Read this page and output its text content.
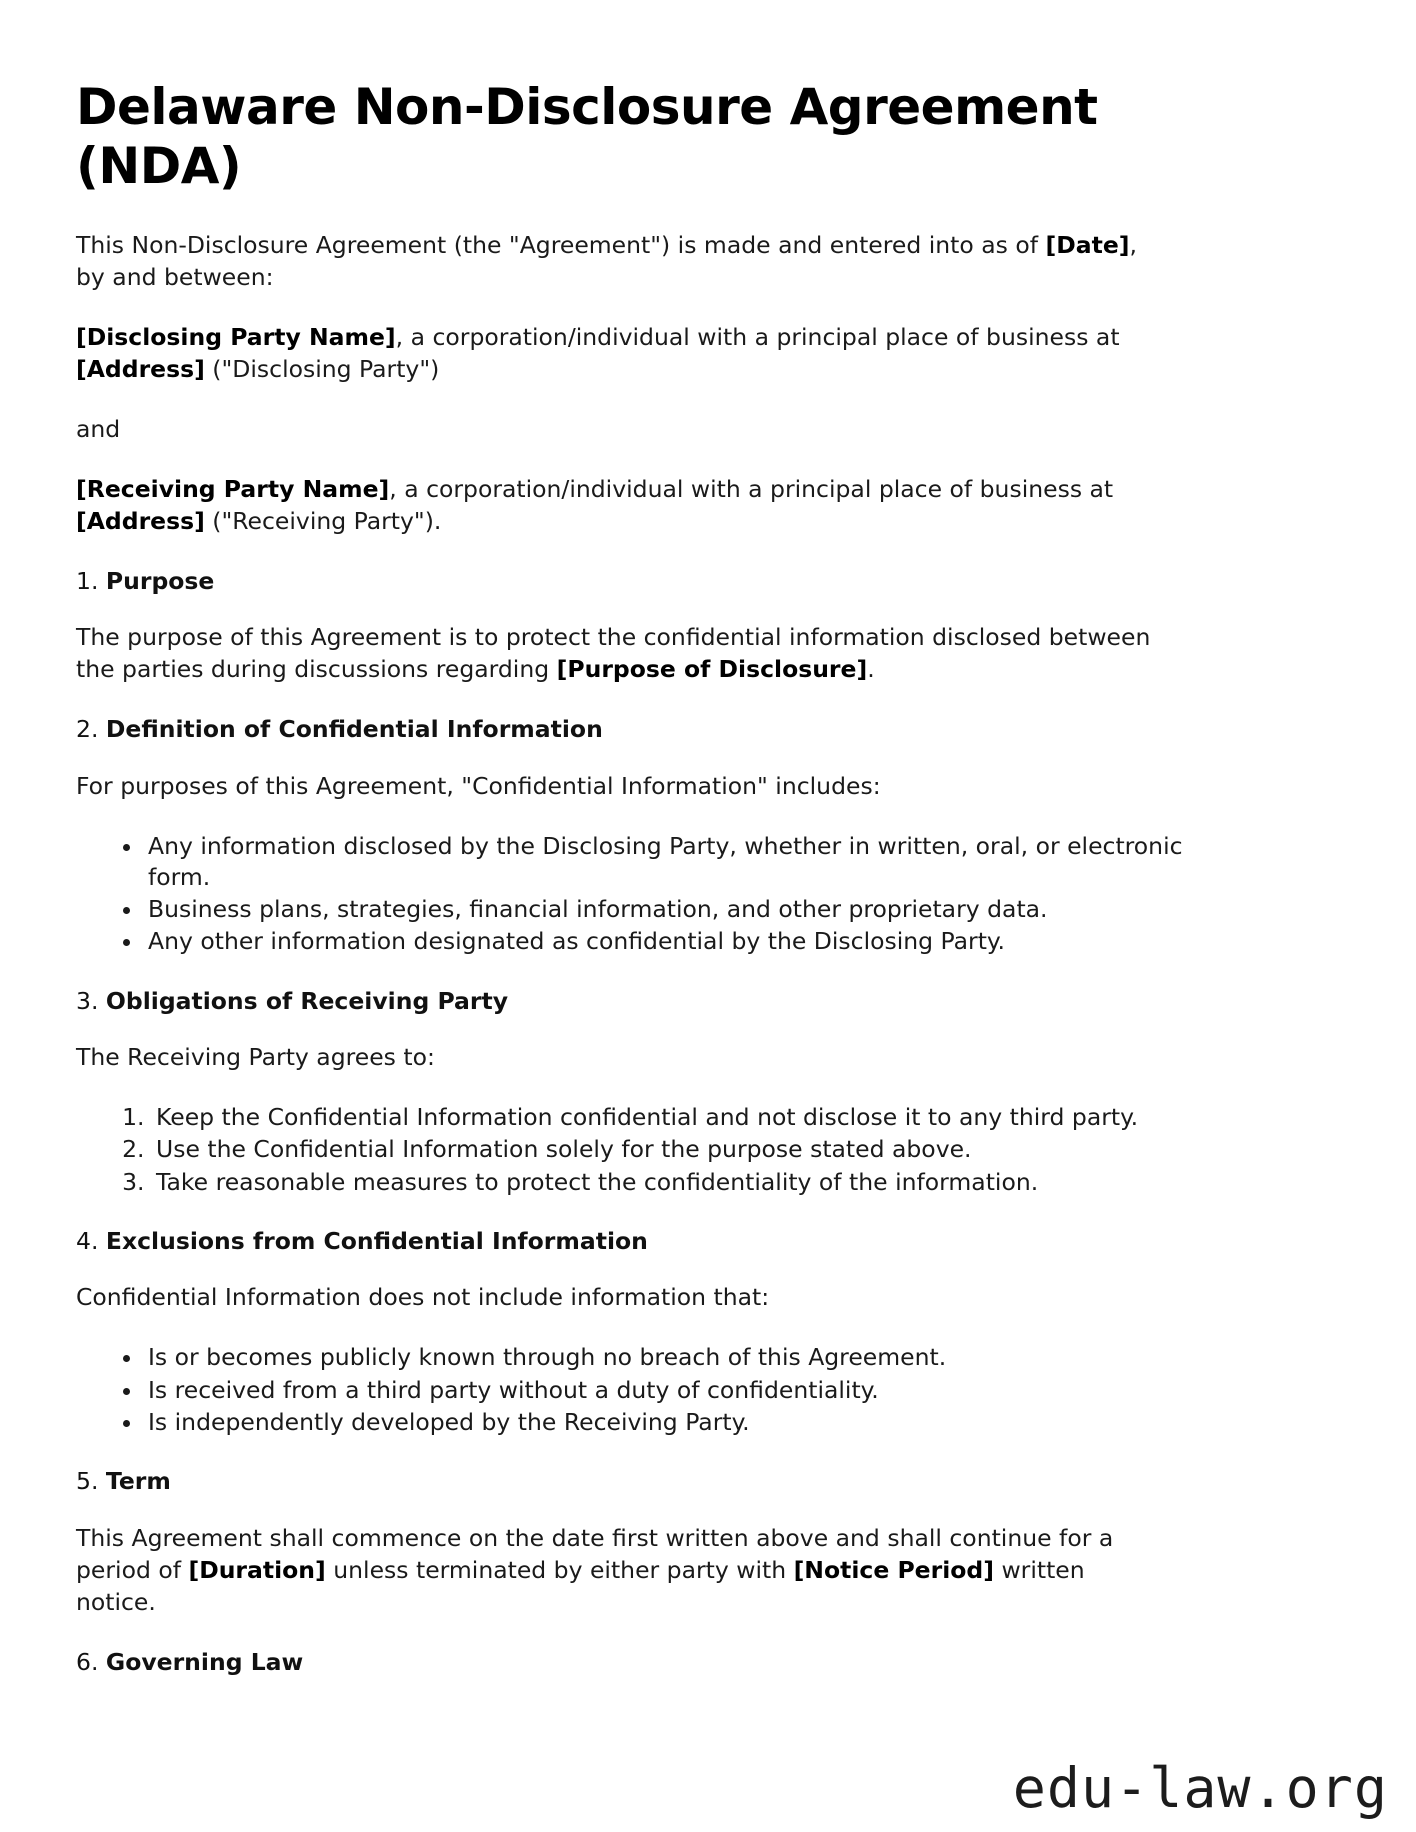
Delaware Non-Disclosure Agreement (NDA)

This Non-Disclosure Agreement (the "Agreement") is made and entered into as of [Date], by and between:

[Disclosing Party Name], a corporation/individual with a principal place of business at [Address] ("Disclosing Party")

and

[Receiving Party Name], a corporation/individual with a principal place of business at [Address] ("Receiving Party").

1. Purpose

The purpose of this Agreement is to protect the confidential information disclosed between the parties during discussions regarding [Purpose of Disclosure].

2. Definition of Confidential Information

For purposes of this Agreement, "Confidential Information" includes:

• Any information disclosed by the Disclosing Party, whether in written, oral, or electronic form.
• Business plans, strategies, financial information, and other proprietary data.
• Any other information designated as confidential by the Disclosing Party.
3. Obligations of Receiving Party

The Receiving Party agrees to:

1. Keep the Confidential Information confidential and not disclose it to any third party.
2. Use the Confidential Information solely for the purpose stated above.
3. Take reasonable measures to protect the confidentiality of the information.
4. Exclusions from Confidential Information

Confidential Information does not include information that:

• Is or becomes publicly known through no breach of this Agreement.
• Is received from a third party without a duty of confidentiality.
• Is independently developed by the Receiving Party.
5. Term

This Agreement shall commence on the date first written above and shall continue for a period of [Duration] unless terminated by either party with [Notice Period] written notice.

6. Governing Law
edu-law.org
